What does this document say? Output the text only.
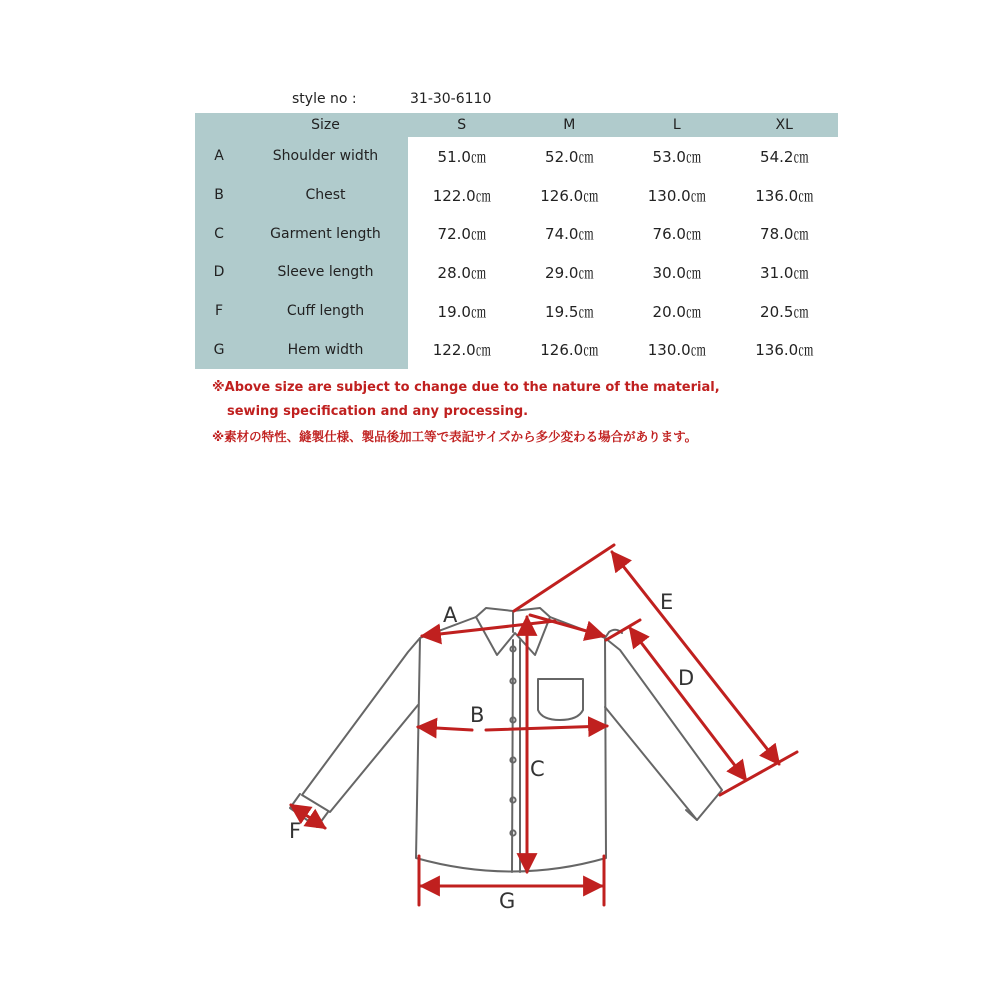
style no :	31-30-6110
	Size	S	M	L	XL
A	Shoulder width	51.0㎝	52.0㎝	53.0㎝	54.2㎝
B	Chest	122.0㎝	126.0㎝	130.0㎝	136.0㎝
C	Garment length	72.0㎝	74.0㎝	76.0㎝	78.0㎝
D	Sleeve length	28.0㎝	29.0㎝	30.0㎝	31.0㎝
F	Cuff length	19.0㎝	19.5㎝	20.0㎝	20.5㎝
G	Hem width	122.0㎝	126.0㎝	130.0㎝	136.0㎝
※Above size are subject to change due to the nature of the material,
sewing specification and any processing.
※素材の特性、縫製仕様、製品後加工等で表記サイズから多少変わる場合があります。
A
B
C
D
E
F
G
